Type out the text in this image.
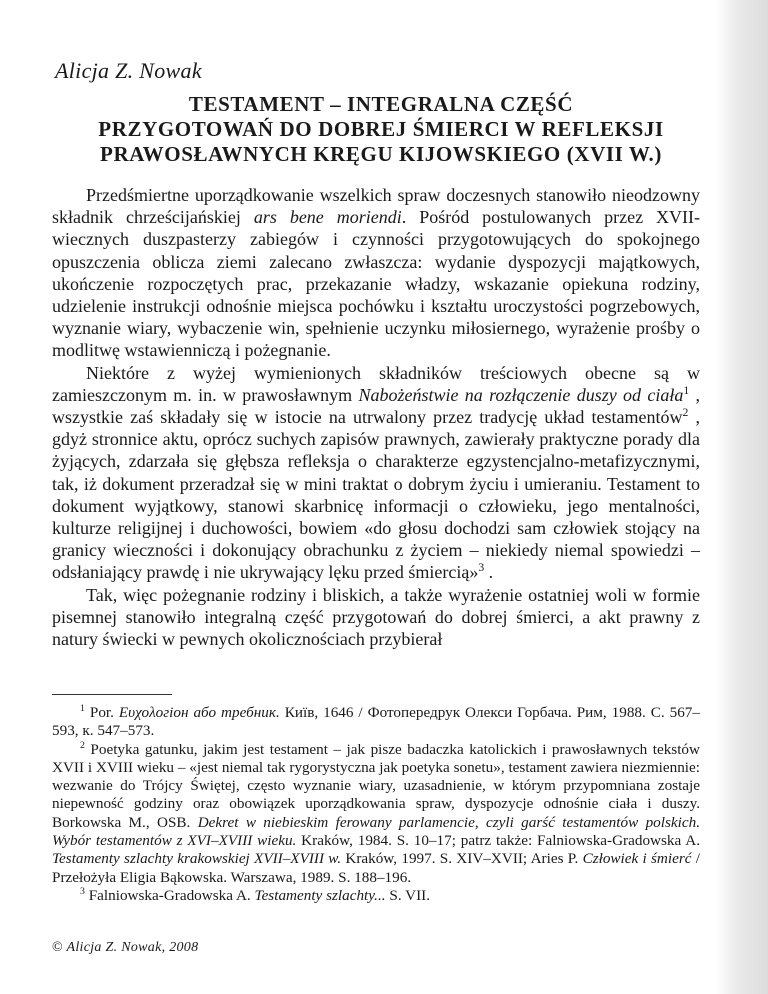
Alicja Z. Nowak
TESTAMENT – INTEGRALNA CZĘŚĆ
PRZYGOTOWAŃ DO DOBREJ ŚMIERCI W REFLEKSJI
PRAWOSŁAWNYCH KRĘGU KIJOWSKIEGO (XVII W.)

Przedśmiertne uporządkowanie wszelkich spraw doczesnych stanowiło nieodzowny składnik chrześcijańskiej ars bene moriendi. Pośród postulowanych przez XVII-wiecznych duszpasterzy zabiegów i czynności przygotowujących do spokojnego opuszczenia oblicza ziemi zalecano zwłaszcza: wydanie dyspozycji majątkowych, ukończenie rozpoczętych prac, przekazanie władzy, wskazanie opiekuna rodziny, udzielenie instrukcji odnośnie miejsca pochówku i kształtu uroczystości pogrzebowych, wyznanie wiary, wybaczenie win, spełnienie uczynku miłosiernego, wyrażenie prośby o modlitwę wstawienniczą i pożegnanie.

Niektóre z wyżej wymienionych składników treściowych obecne są w zamieszczonym m. in. w prawosławnym Nabożeństwie na rozłączenie duszy od ciała$^1$ , wszystkie zaś składały się w istocie na utrwalony przez tradycję układ testamentów$^2$ , gdyż stronnice aktu, oprócz suchych zapisów prawnych, zawierały praktyczne porady dla żyjących, zdarzała się głębsza refleksja o charakterze egzystencjalno-metafizycznymi, tak, iż dokument przeradzał się w mini traktat o dobrym życiu i umieraniu. Testament to dokument wyjątkowy, stanowi skarbnicę informacji o człowieku, jego mentalności, kulturze religijnej i duchowości, bowiem «do głosu dochodzi sam człowiek stojący na granicy wieczności i dokonujący obrachunku z życiem – niekiedy niemal spowiedzi – odsłaniający prawdę i nie ukrywający lęku przed śmiercią»$^3$ .

Tak, więc pożegnanie rodziny i bliskich, a także wyrażenie ostatniej woli w formie pisemnej stanowiło integralną część przygotowań do dobrej śmierci, a akt prawny z natury świecki w pewnych okolicznościach przybierał

$^1$ Por. Ευχολогіон або требник. Київ, 1646 / Фотопередрук Олекси Горбача. Рим, 1988. С. 567–593, к. 547–573.

$^2$ Poetyka gatunku, jakim jest testament – jak pisze badaczka katolickich i prawosławnych tekstów XVII i XVIII wieku – «jest niemal tak rygorystyczna jak poetyka sonetu», testament zawiera niezmiennie: wezwanie do Trójcy Świętej, często wyznanie wiary, uzasadnienie, w którym przypomniana zostaje niepewność godziny oraz obowiązek uporządkowania spraw, dyspozycje odnośnie ciała i duszy. Borkowska M., OSB. Dekret w niebieskim ferowany parlamencie, czyli garść testamentów polskich. Wybór testamentów z XVI–XVIII wieku. Kraków, 1984. S. 10–17; patrz także: Falniowska-Gradowska A. Testamenty szlachty krakowskiej XVII–XVIII w. Kraków, 1997. S. XIV–XVII; Aries P. Człowiek i śmierć / Przełożyła Eligia Bąkowska. Warszawa, 1989. S. 188–196.

$^3$ Falniowska-Gradowska A. Testamenty szlachty... S. VII.

© Alicja Z. Nowak, 2008
